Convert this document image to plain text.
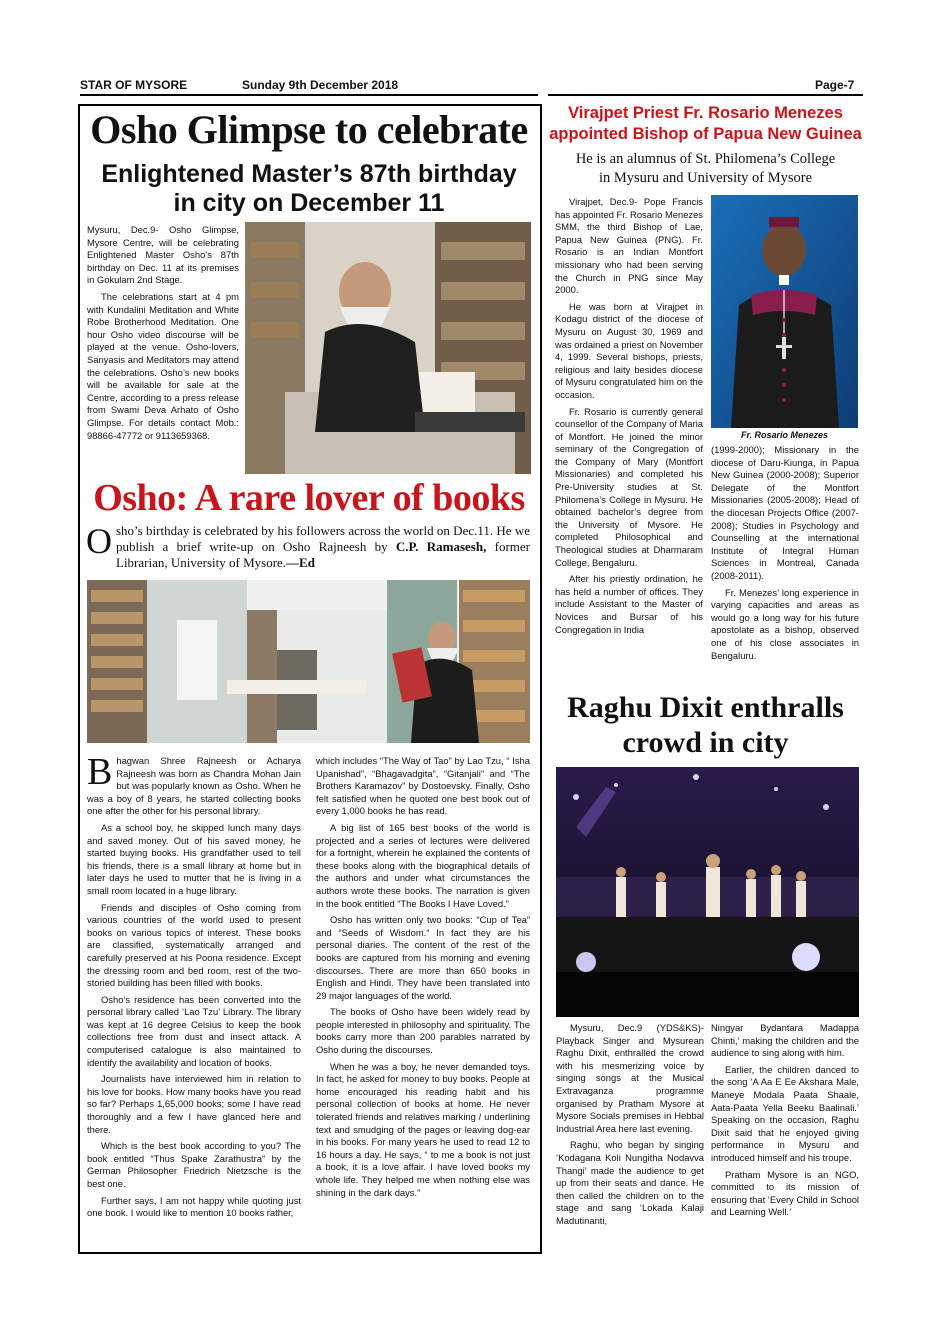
STAR OF MYSORE	Sunday 9th December 2018	Page-7
Osho Glimpse to celebrate
Enlightened Master’s 87th birthday
in city on December 11

Mysuru, Dec.9- Osho Glimpse, Mysore Centre, will be celebrating Enlightened Master Osho’s 87th birthday on Dec. 11 at its premises in Gokulam 2nd Stage.

The celebrations start at 4 pm with Kundalini Meditation and White Robe Brotherhood Meditation. One hour Osho video discourse will be played at the venue. Osho-lovers, Sanyasis and Meditators may attend the celebrations. Osho’s new books will be available for sale at the Centre, according to a press release from Swami Deva Arhato of Osho Glimpse. For details contact Mob.: 98866-47772 or 9113659368.

Osho: A rare lover of books
Osho’s birthday is celebrated by his followers across the world on Dec.11. He we publish a brief write-up on Osho Rajneesh by C.P. Ramasesh, former Librarian, University of Mysore.—Ed

Bhagwan Shree Rajneesh or Acharya Rajneesh was born as Chandra Mohan Jain but was popularly known as Osho. When he was a boy of 8 years, he started collecting books one after the other for his personal library.

As a school boy, he skipped lunch many days and saved money. Out of his saved money, he started buying books. His grandfather used to tell his friends, there is a small library at home but in later days he used to mutter that he is living in a small room located in a huge library.

Friends and disciples of Osho coming from various countries of the world used to present books on various topics of interest. These books are classified, systematically arranged and carefully preserved at his Poona residence. Except the dressing room and bed room, rest of the two-storied building has been filled with books.

Osho’s residence has been converted into the personal library called ‘Lao Tzu’ Library. The library was kept at 16 degree Celsius to keep the book collections free from dust and insect attack. A computerised catalogue is also maintained to identify the availability and location of books.

Journalists have interviewed him in relation to his love for books. How many books have you read so far? Perhaps 1,65,000 books; some I have read thoroughly and a few I have glanced here and there.

Which is the best book according to you? The book entitled “Thus Spake Zarathustra” by the German Philosopher Friedrich Nietzsche is the best one.

Further says, I am not happy while quoting just one book. I would like to mention 10 books rather,

which includes “The Way of Tao” by Lao Tzu, “ Isha Upanishad”, “Bhagavadgita”, “Gitanjali” and “The Brothers Karamazov” by Dostoevsky. Finally, Osho felt satisfied when he quoted one best book out of every 1,000 books he has read.

A big list of 165 best books of the world is projected and a series of lectures were delivered for a fortnight, wherein he explained the contents of these books along with the biographical details of the authors and under what circumstances the authors wrote these books. The narration is given in the book entitled “The Books I Have Loved.”

Osho has written only two books: “Cup of Tea” and “Seeds of Wisdom.” In fact they are his personal diaries. The content of the rest of the books are captured from his morning and evening discourses. There are more than 650 books in English and Hindi. They have been translated into 29 major languages of the world.

The books of Osho have been widely read by people interested in philosophy and spirituality. The books carry more than 200 parables narrated by Osho during the discourses.

When he was a boy, he never demanded toys. In fact, he asked for money to buy books. People at home encouraged his reading habit and his personal collection of books at home. He never tolerated friends and relatives marking / underlining text and smudging of the pages or leaving dog-ear in his books. For many years he used to read 12 to 16 hours a day. He says, “ to me a book is not just a book, it is a love affair. I have loved books my whole life. They helped me when nothing else was shining in the dark days.”

Virajpet Priest Fr. Rosario Menezes
appointed Bishop of Papua New Guinea
He is an alumnus of St. Philomena’s College
in Mysuru and University of Mysore

Virajpet, Dec.9- Pope Francis has appointed Fr. Rosario Menezes SMM, the third Bishop of Lae, Papua New Guinea (PNG). Fr. Rosario is an Indian Montfort missionary who had been serving the Church in PNG since May 2000.

He was born at Virajpet in Kodagu district of the diocese of Mysuru on August 30, 1969 and was ordained a priest on November 4, 1999. Several bishops, priests, religious and laity besides diocese of Mysuru congratulated him on the occasion.

Fr. Rosario is currently general counsellor of the Company of Maria of Montfort. He joined the minor seminary of the Congregation of the Company of Mary (Montfort Missionaries) and completed his Pre-University studies at St. Philomena’s College in Mysuru. He obtained bachelor’s degree from the University of Mysore. He completed Philosophical and Theological studies at Dharmaram College, Bengaluru.

After his priestly ordination, he has held a number of offices. They include Assistant to the Master of Novices and Bursar of his Congregation in India

Fr. Rosario Menezes

(1999-2000); Missionary in the diocese of Daru-Kiunga, in Papua New Guinea (2000-2008); Superior Delegate of the Montfort Missionaries (2005-2008); Head of the diocesan Projects Office (2007-2008); Studies in Psychology and Counselling at the international Institute of Integral Human Sciences in Montreal, Canada (2008-2011).

Fr. Menezes’ long experience in varying capacities and areas as would go a long way for his future apostolate as a bishop, observed one of his close associates in Bengaluru.

Raghu Dixit enthralls
crowd in city

Mysuru, Dec.9 (YDS&KS)- Playback Singer and Mysurean Raghu Dixit, enthralled the crowd with his mesmerizing voice by singing songs at the Musical Extravaganza programme organised by Pratham Mysore at Mysore Socials premises in Hebbal Industrial Area here last evening.

Raghu, who began by singing ‘Kodagana Koli Nungitha Nodavva Thangi’ made the audience to get up from their seats and dance. He then called the children on to the stage and sang ‘Lokada Kalaji Madutinanti,

Ningyar Bydantara Madappa Chinti,’ making the children and the audience to sing along with him.

Earlier, the children danced to the song ‘A Aa E Ee Akshara Male, Maneye Modala Paata Shaale, Aata-Paata Yella Beeku Baalinali.’ Speaking on the occasion, Raghu Dixit said that he enjoyed giving performance in Mysuru and introduced himself and his troupe.

Pratham Mysore is an NGO, committed to its mission of ensuring that ‘Every Child in School and Learning Well.’
